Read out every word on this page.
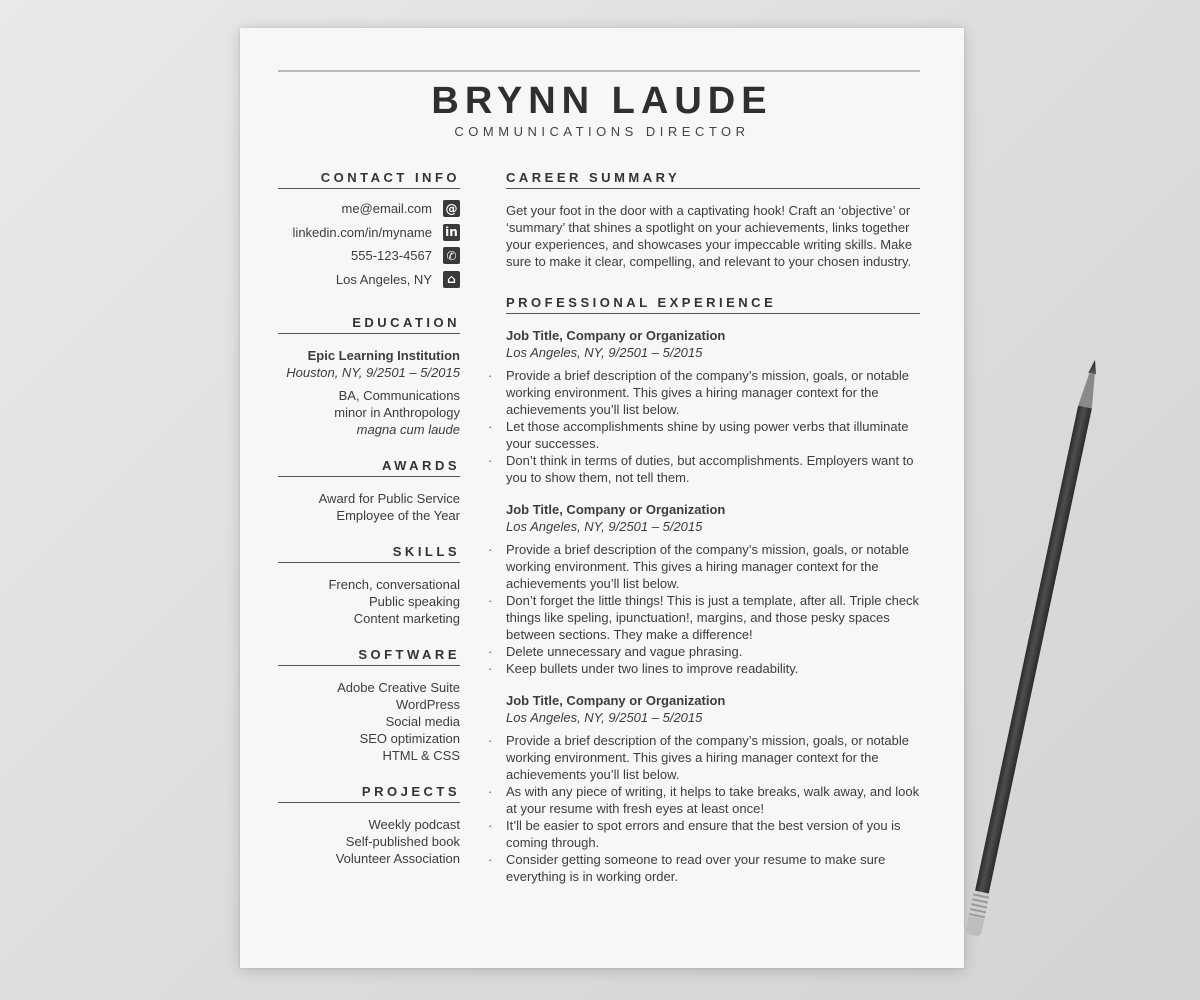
BRYNN LAUDE
COMMUNICATIONS DIRECTOR
CONTACT INFO
me@email.com @
linkedin.com/in/myname in
555-123-4567 ✆
Los Angeles, NY	⌂
EDUCATION
Epic Learning Institution
Houston, NY, 9/2501 – 5/2015
BA, Communications
minor in Anthropology
magna cum laude
AWARDS
Award for Public Service
Employee of the Year
SKILLS
French, conversational
Public speaking
Content marketing
SOFTWARE
Adobe Creative Suite
WordPress
Social media
SEO optimization
HTML & CSS
PROJECTS
Weekly podcast
Self-published book
Volunteer Association
CAREER SUMMARY
Get your foot in the door with a captivating hook! Craft an ‘objective’ or ‘summary’ that shines a spotlight on your achievements, links together your experiences, and showcases your impeccable writing skills. Make sure to make it clear, compelling, and relevant to your chosen industry.
PROFESSIONAL EXPERIENCE
Job Title, Company or Organization
Los Angeles, NY, 9/2501 – 5/2015
· Provide a brief description of the company’s mission, goals, or notable working environment. This gives a hiring manager context for the achievements you’ll list below.
· Let those accomplishments shine by using power verbs that illuminate your successes.
· Don’t think in terms of duties, but accomplishments. Employers want to you to show them, not tell them.
Job Title, Company or Organization
Los Angeles, NY, 9/2501 – 5/2015
· Provide a brief description of the company’s mission, goals, or notable working environment. This gives a hiring manager context for the achievements you’ll list below.
· Don’t forget the little things! This is just a template, after all. Triple check things like speling, ipunctuation!, margins, and those pesky spaces between sections. They make a difference!
· Delete unnecessary and vague phrasing.
· Keep bullets under two lines to improve readability.
Job Title, Company or Organization
Los Angeles, NY, 9/2501 – 5/2015
· Provide a brief description of the company’s mission, goals, or notable working environment. This gives a hiring manager context for the achievements you’ll list below.
· As with any piece of writing, it helps to take breaks, walk away, and look at your resume with fresh eyes at least once!
· It’ll be easier to spot errors and ensure that the best version of you is coming through.
· Consider getting someone to read over your resume to make sure everything is in working order.
